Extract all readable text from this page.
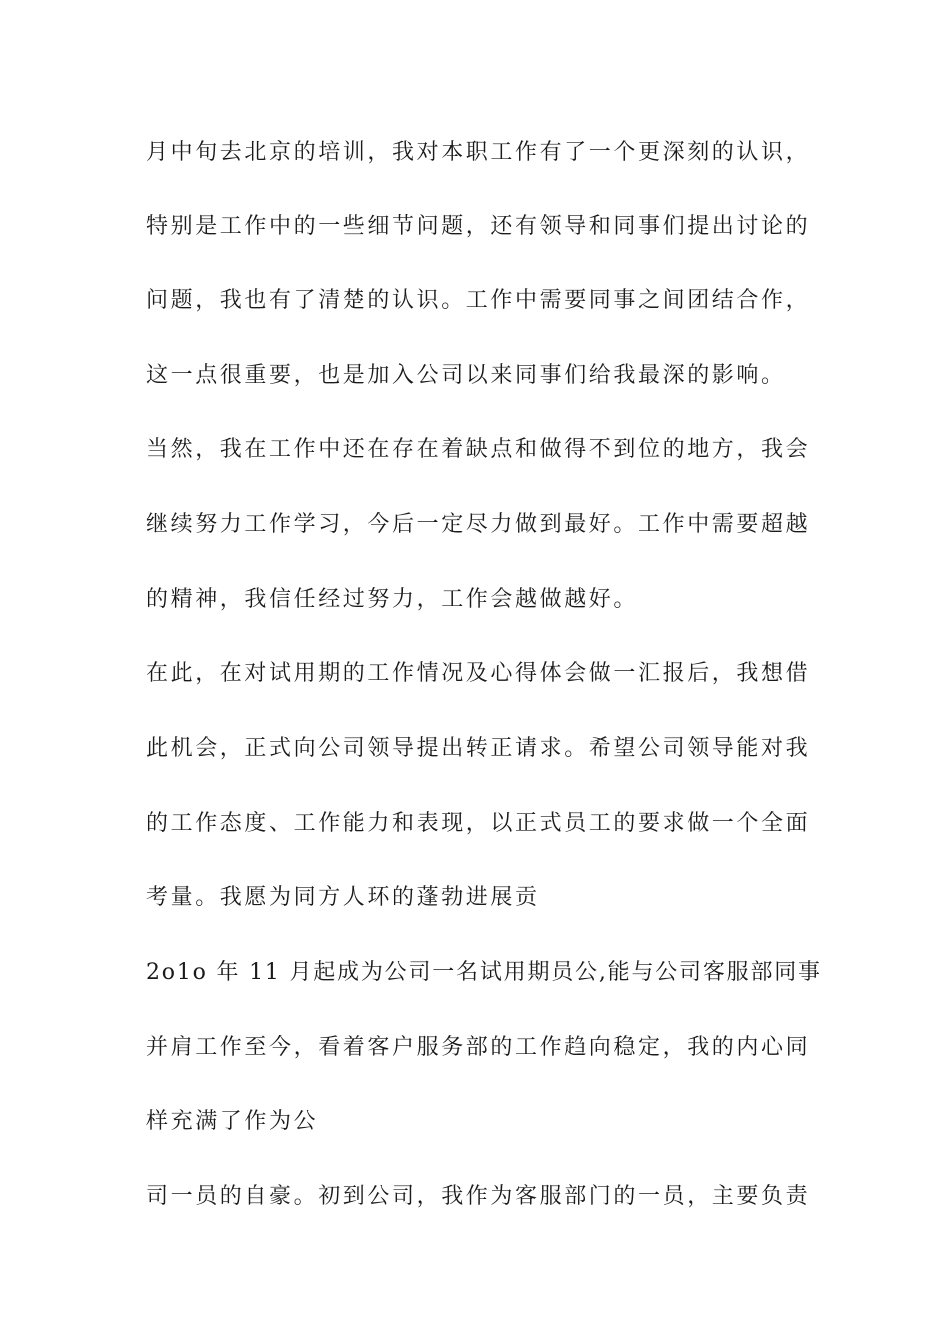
月中旬去北京的培训，我对本职工作有了一个更深刻的认识，

特别是工作中的一些细节问题，还有领导和同事们提出讨论的

问题，我也有了清楚的认识。工作中需要同事之间团结合作，

这一点很重要，也是加入公司以来同事们给我最深的影响。

当然，我在工作中还在存在着缺点和做得不到位的地方，我会

继续努力工作学习，今后一定尽力做到最好。工作中需要超越

的精神，我信任经过努力，工作会越做越好。

在此，在对试用期的工作情况及心得体会做一汇报后，我想借

此机会，正式向公司领导提出转正请求。希望公司领导能对我

的工作态度、工作能力和表现，以正式员工的要求做一个全面

考量。我愿为同方人环的蓬勃进展贡

2o1o 年 11 月起成为公司一名试用期员公,能与公司客服部同事

并肩工作至今，看着客户服务部的工作趋向稳定，我的内心同

样充满了作为公

司一员的自豪。初到公司，我作为客服部门的一员，主要负责
